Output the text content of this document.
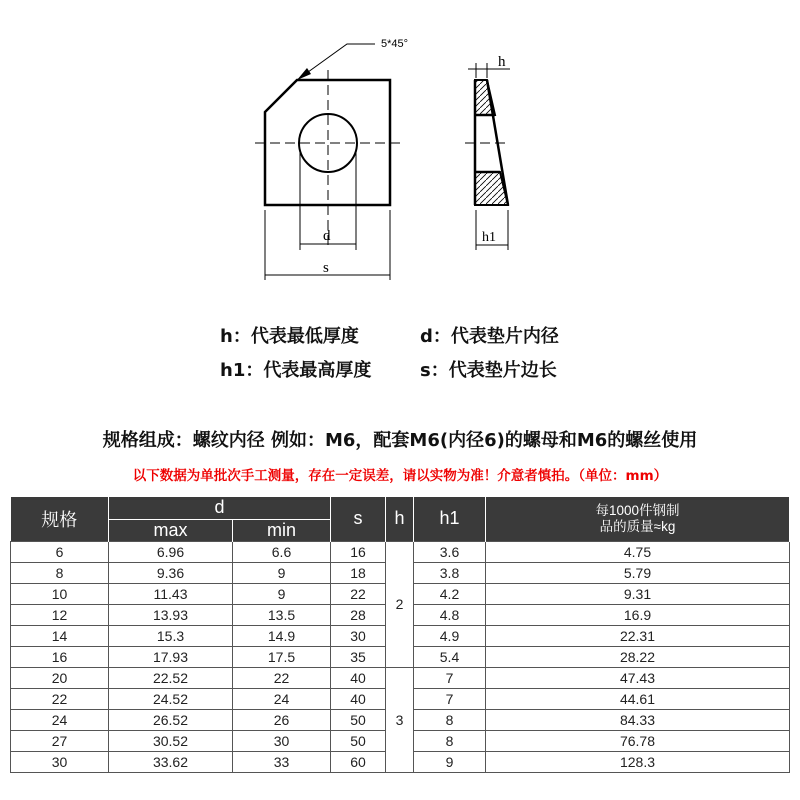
5*45°
h
d	h1
s
h：代表最低厚度	d：代表垫片内径
h1：代表最高厚度	s：代表垫片边长
规格组成：螺纹内径 例如：M6，配套M6(内径6)的螺母和M6的螺丝使用
以下数据为单批次手工测量，存在一定误差，请以实物为准！介意者慎拍。（单位：mm）
规格	d		s	h	h1	每1000件钢制
品的质量≈kg
	max	min				
6	6.96	6.6	16	2	3.6	4.75
8	9.36	9	18		3.8	5.79
10	11.43	9	22		4.2	9.31
12	13.93	13.5	28		4.8	16.9
14	15.3	14.9	30		4.9	22.31
16	17.93	17.5	35		5.4	28.22
20	22.52	22	40	3	7	47.43
22	24.52	24	40		7	44.61
24	26.52	26	50		8	84.33
27	30.52	30	50		8	76.78
30	33.62	33	60		9	128.3
